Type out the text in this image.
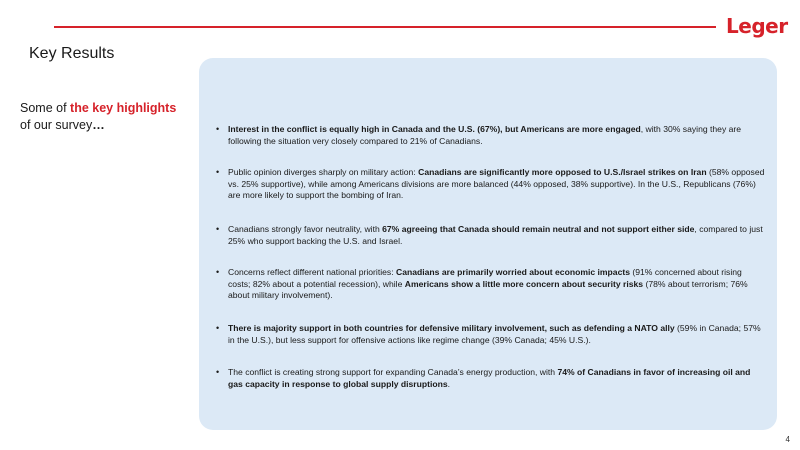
Leger
Key Results
Some of the key highlights
of our survey…
•	Interest in the conflict is equally high in Canada and the U.S. (67%), but Americans are more engaged, with 30% saying they are following the situation very closely compared to 21% of Canadians.
• Public opinion diverges sharply on military action: Canadians are significantly more opposed to U.S./Israel strikes on Iran (58% opposed vs. 25% supportive), while among Americans divisions are more balanced (44% opposed, 38% supportive). In the U.S., Republicans (76%) are more likely to support the bombing of Iran.
• Canadians strongly favor neutrality, with 67% agreeing that Canada should remain neutral and not support either side, compared to just 25% who support backing the U.S. and Israel.
• Concerns reflect different national priorities: Canadians are primarily worried about economic impacts (91% concerned about rising costs; 82% about a potential recession), while Americans show a little more concern about security risks (78% about terrorism; 76% about military involvement).
• There is majority support in both countries for defensive military involvement, such as defending a NATO ally (59% in Canada; 57% in the U.S.), but less support for offensive actions like regime change (39% Canada; 45% U.S.).
• The conflict is creating strong support for expanding Canada’s energy production, with 74% of Canadians in favor of increasing oil and gas capacity in response to global supply disruptions.
4
